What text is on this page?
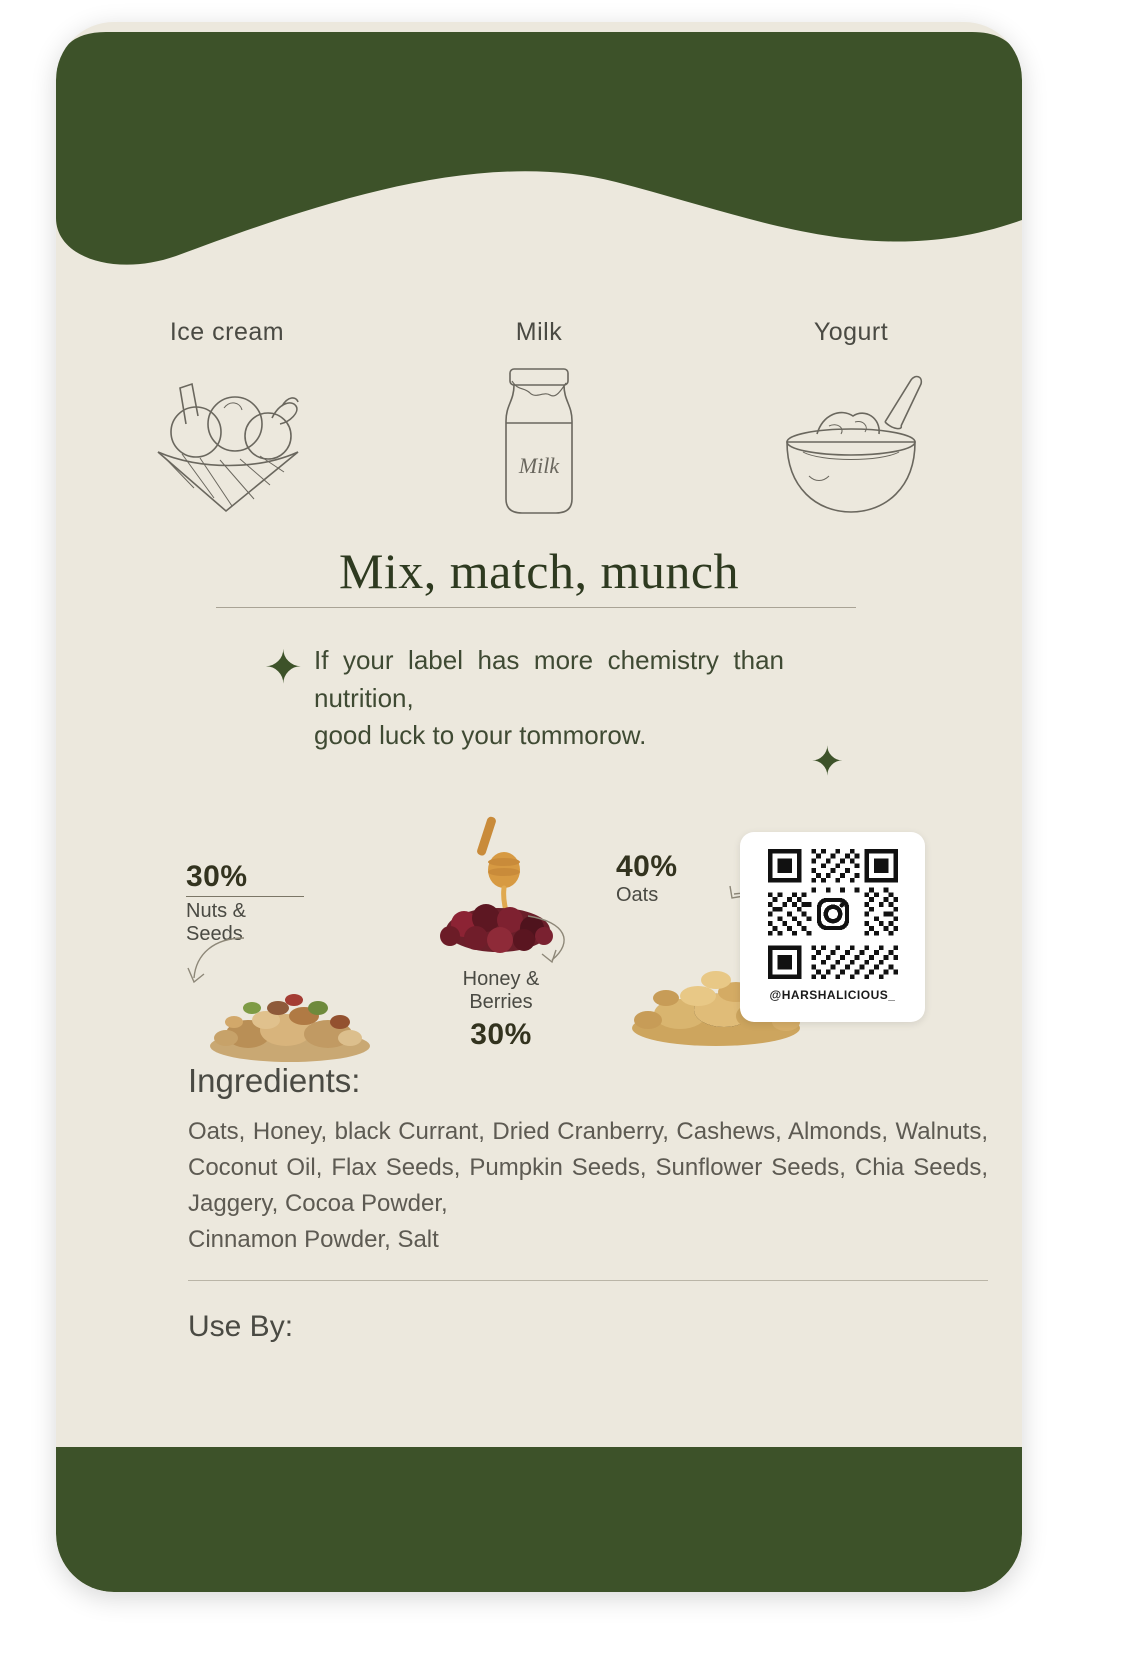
Ice cream	Milk
Milk
Yogurt
Mix, match, munch
✦
✦
If your label has more chemistry than nutrition,
good luck to your tommorow.
30%
Nuts &
Seeds
Honey &
Berries
30%
40%
Oats
@HARSHALICIOUS_
Ingredients:
Oats, Honey, black Currant, Dried Cranberry, Cashews, Almonds, Walnuts, Coconut Oil, Flax Seeds, Pumpkin Seeds, Sunflower Seeds, Chia Seeds, Jaggery, Cocoa Powder,
Cinnamon Powder, Salt
Use By:
